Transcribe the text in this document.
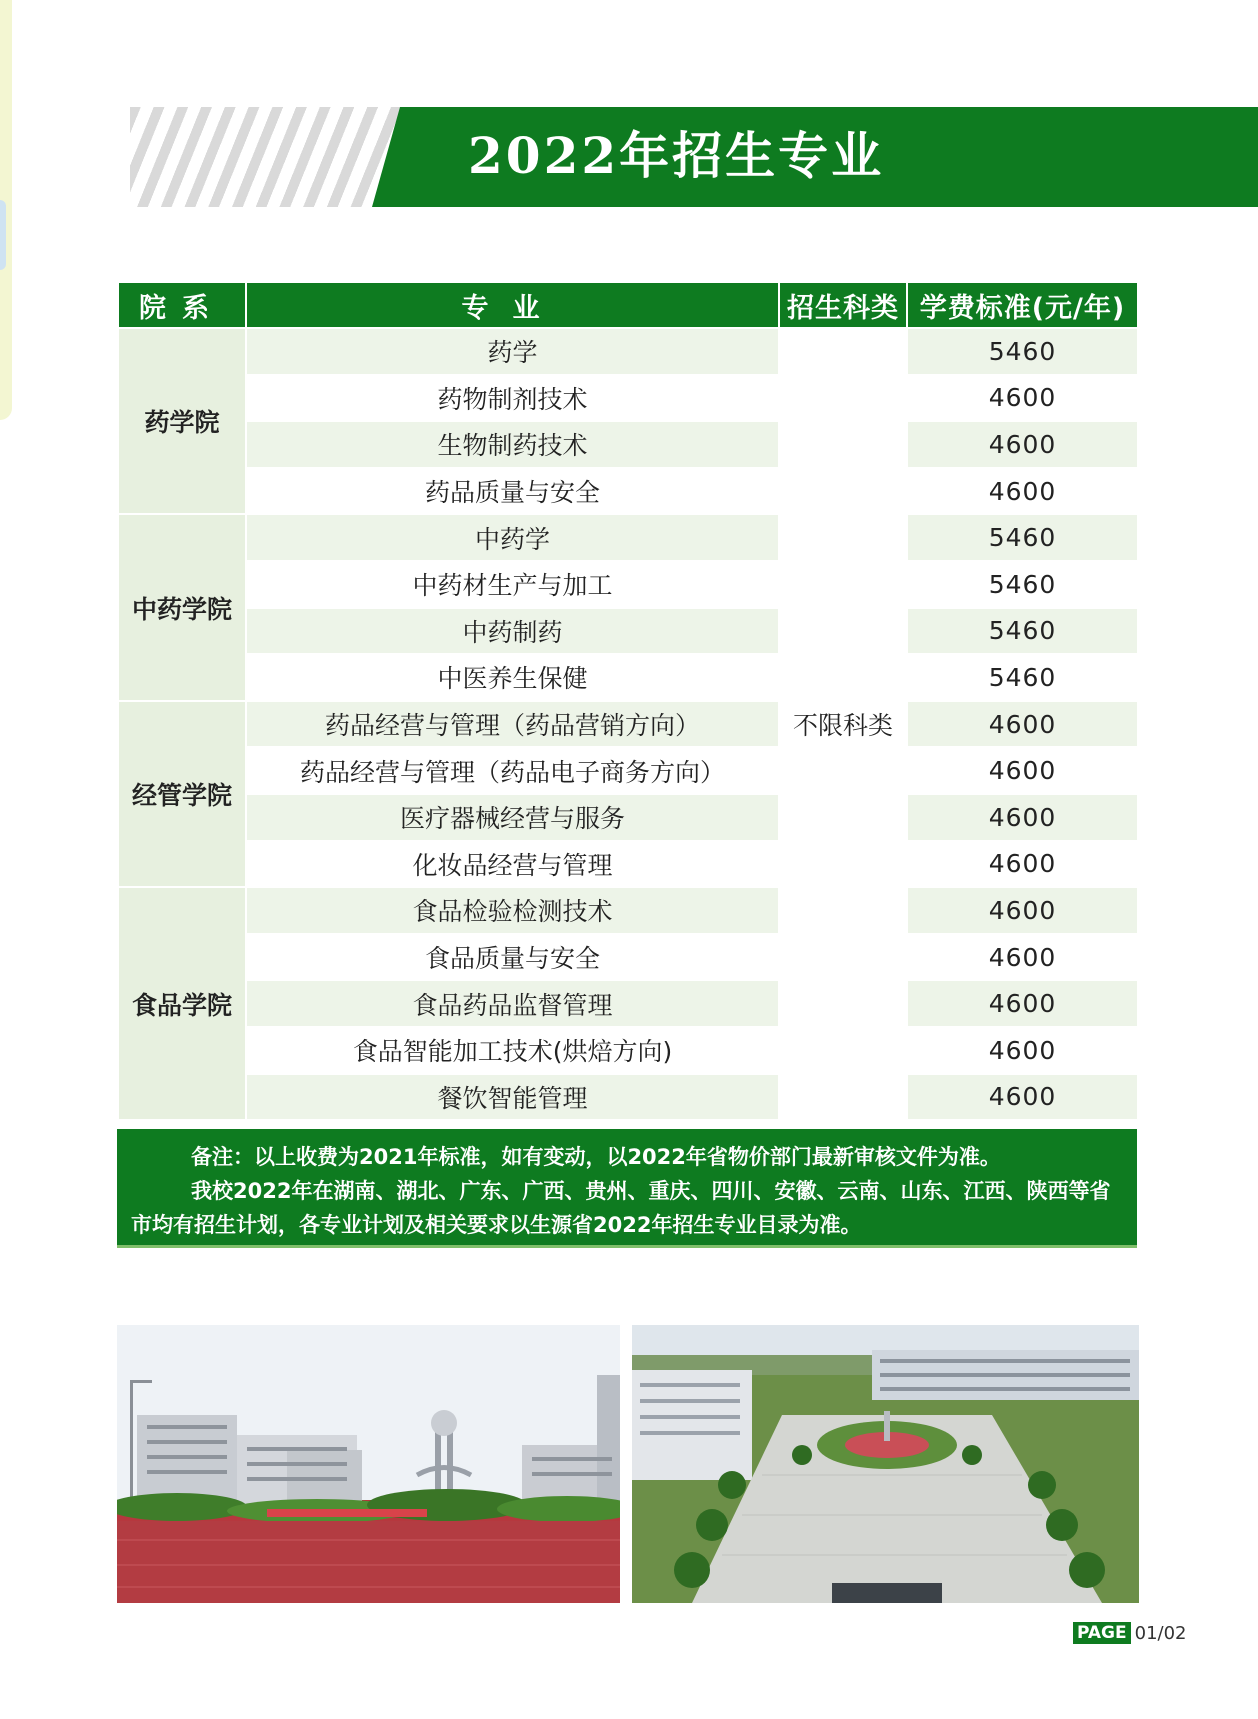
2022年招生专业
院系	专业	招生科类	学费标准(元/年)
药学院	药学	不限科类	5460
	药物制剂技术		4600
	生物制药技术		4600
	药品质量与安全		4600
中药学院	中药学		5460
	中药材生产与加工		5460
	中药制药		5460
	中医养生保健		5460
经管学院	药品经营与管理（药品营销方向）		4600
	药品经营与管理（药品电子商务方向）		4600
	医疗器械经营与服务		4600
	化妆品经营与管理		4600
食品学院	食品检验检测技术		4600
	食品质量与安全		4600
	食品药品监督管理		4600
	食品智能加工技术(烘焙方向)		4600
	餐饮智能管理		4600

备注：以上收费为2021年标准，如有变动，以2022年省物价部门最新审核文件为准。

我校2022年在湖南、湖北、广东、广西、贵州、重庆、四川、安徽、云南、山东、江西、陕西等省市均有招生计划，各专业计划及相关要求以生源省2022年招生专业目录为准。

PAGE 01/02
